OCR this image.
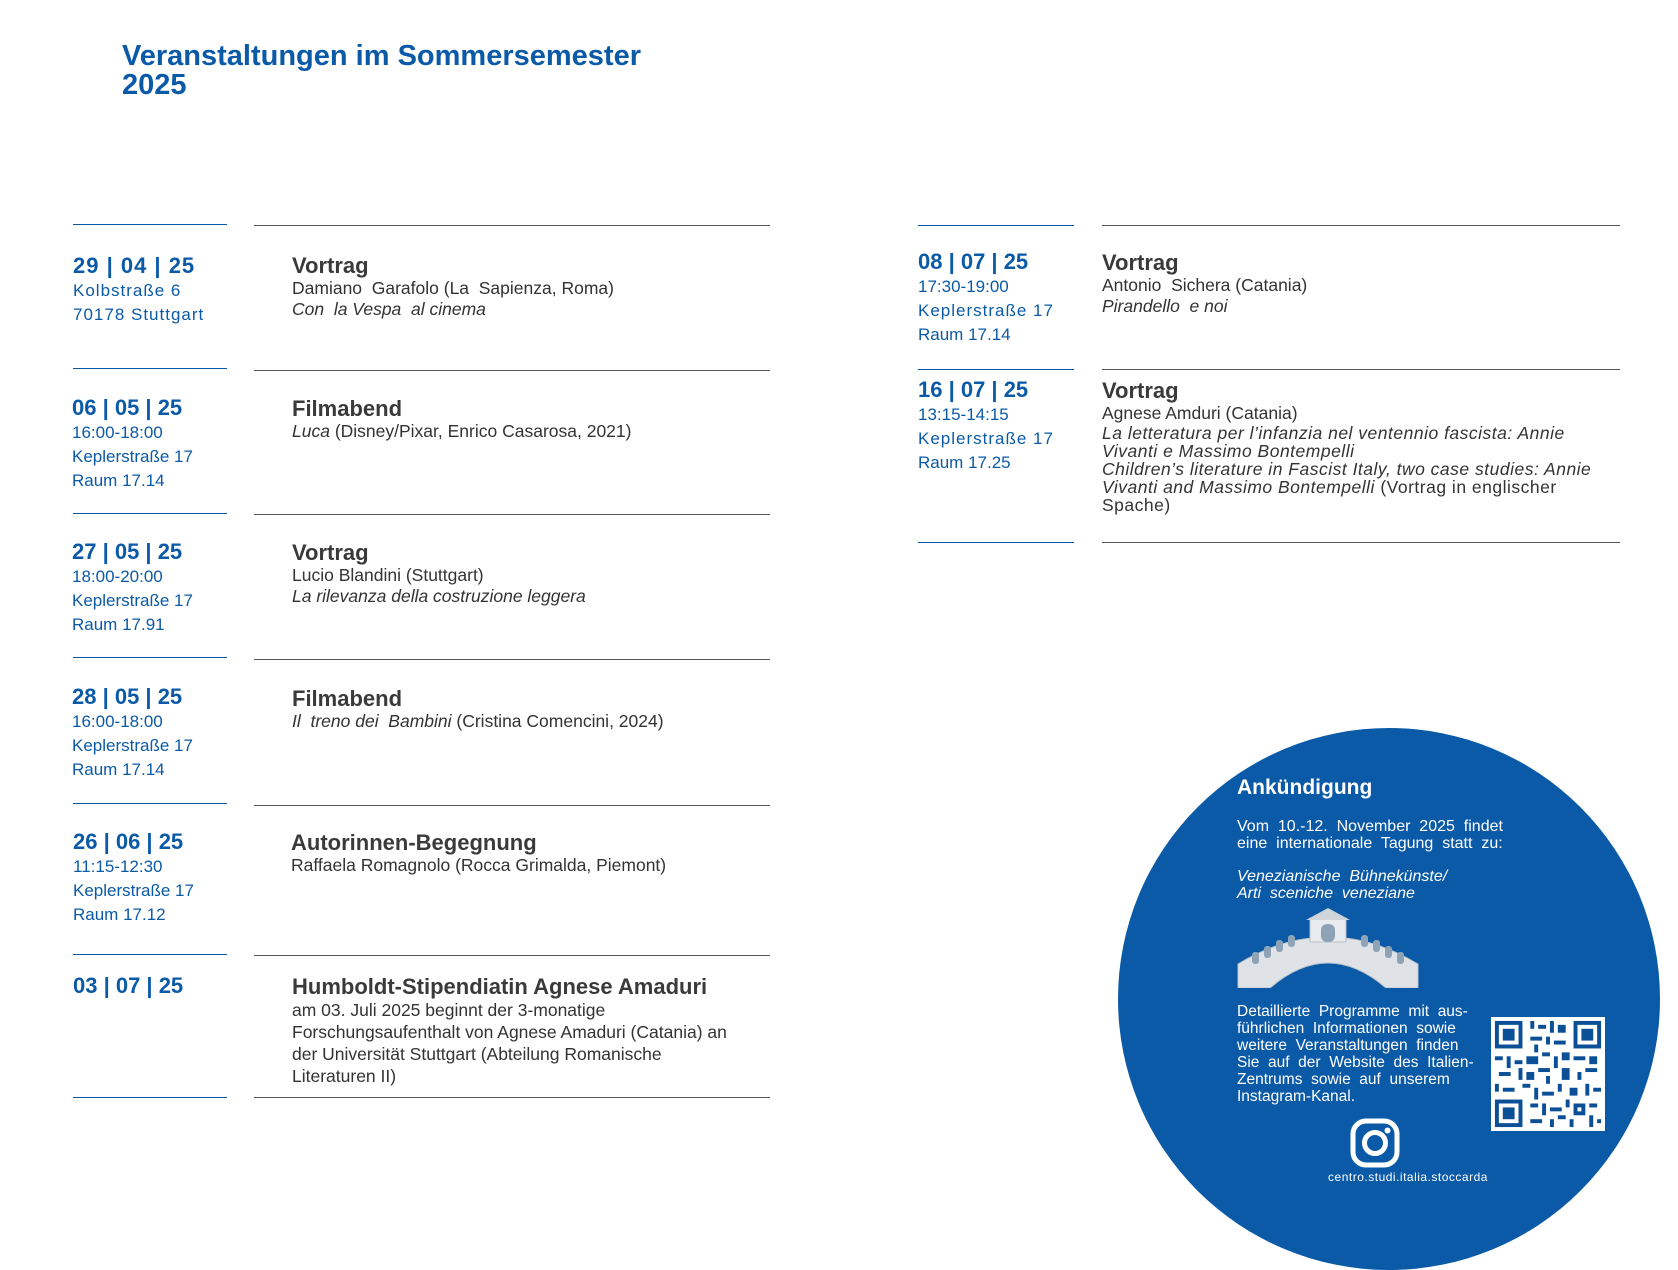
Veranstaltungen im Sommersemester
2025
29 | 04 | 25
Kolbstraße 6
70178 Stuttgart
Vortrag
Damiano  Garafolo (La  Sapienza, Roma)
Con  la Vespa  al cinema
06 | 05 | 25
16:00-18:00
Keplerstraße 17
Raum 17.14
Filmabend
Luca (Disney/Pixar, Enrico Casarosa, 2021)
27 | 05 | 25
18:00-20:00
Keplerstraße 17
Raum 17.91
Vortrag
Lucio Blandini (Stuttgart)
La rilevanza della costruzione leggera
28 | 05 | 25
16:00-18:00
Keplerstraße 17
Raum 17.14
Filmabend
Il  treno dei  Bambini (Cristina Comencini, 2024)
26 | 06 | 25
11:15-12:30
Keplerstraße 17
Raum 17.12
Autorinnen-Begegnung
Raffaela Romagnolo (Rocca Grimalda, Piemont)
03 | 07 | 25	Humboldt-Stipendiatin Agnese Amaduri
am 03. Juli 2025 beginnt der 3-monatige
Forschungsaufenthalt von Agnese Amaduri (Catania) an
der Universität Stuttgart (Abteilung Romanische
Literaturen II)
08 | 07 | 25
17:30-19:00
Keplerstraße 17
Raum 17.14
Vortrag
Antonio  Sichera (Catania)
Pirandello  e noi
16 | 07 | 25
13:15-14:15
Keplerstraße 17
Raum 17.25
Vortrag
Agnese Amduri (Catania)
La letteratura per l’infanzia nel ventennio fascista: Annie
Vivanti e Massimo Bontempelli
Children’s literature in Fascist Italy, two case studies: Annie
Vivanti and Massimo Bontempelli (Vortrag in englischer
Spache)
Ankündigung
Vom  10.-12.  November  2025  findet
eine  internationale  Tagung  statt  zu:
Venezianische  Bühnekünste/
Arti  sceniche  veneziane
Detaillierte  Programme  mit  aus-
führlichen  Informationen  sowie
weitere  Veranstaltungen  finden
Sie  auf  der  Website  des  Italien-
Zentrums  sowie  auf  unserem
Instagram-Kanal.
centro.studi.italia.stoccarda
